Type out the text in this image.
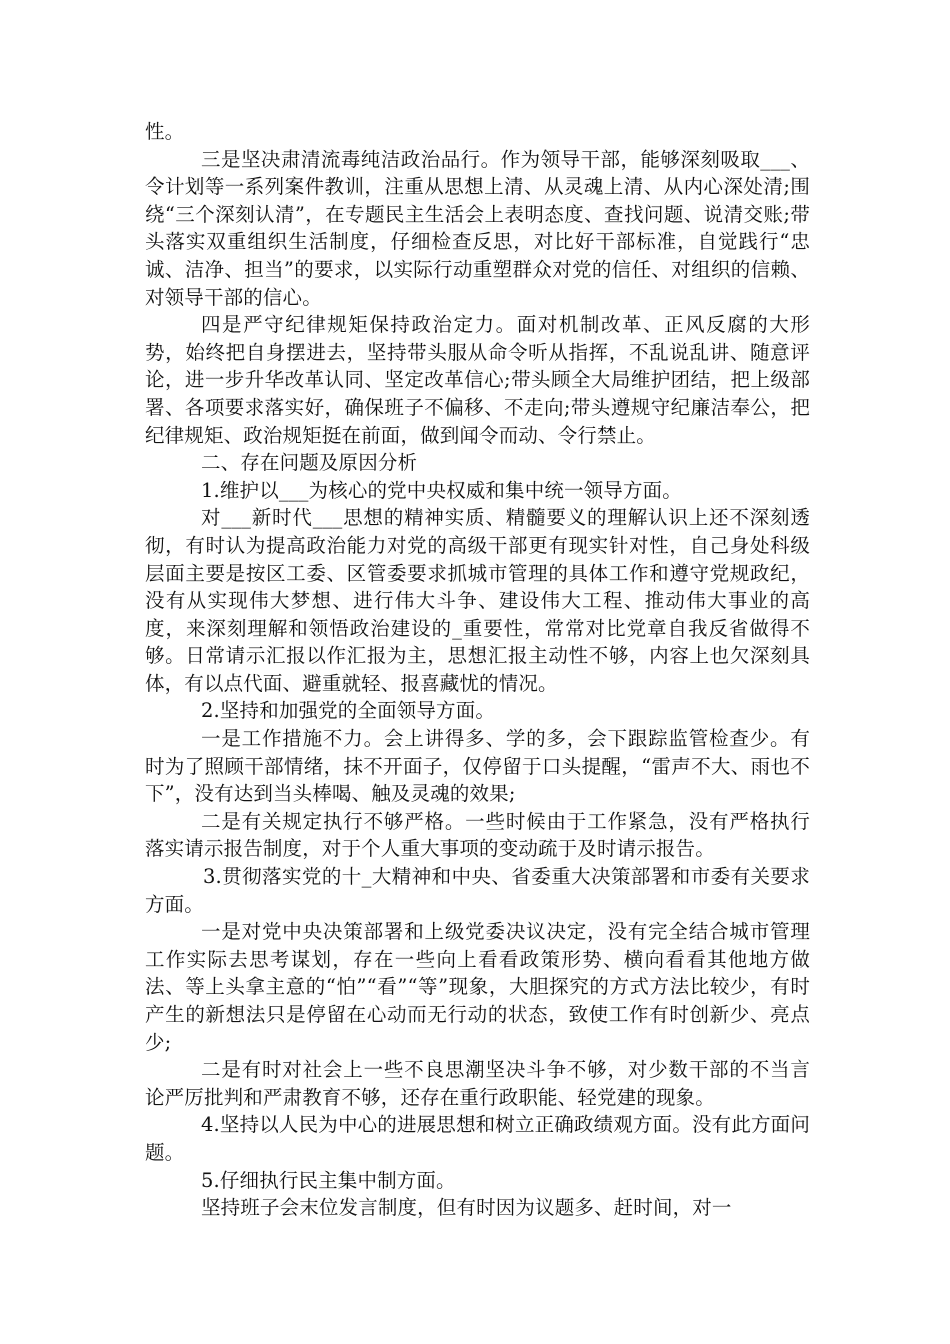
性。

三是坚决肃清流毒纯洁政治品行。作为领导干部，能够深刻吸取___、令计划等一系列案件教训，注重从思想上清、从灵魂上清、从内心深处清;围绕“三个深刻认清”，在专题民主生活会上表明态度、查找问题、说清交账;带头落实双重组织生活制度，仔细检查反思，对比好干部标准，自觉践行“忠诚、洁净、担当”的要求，以实际行动重塑群众对党的信任、对组织的信赖、对领导干部的信心。

四是严守纪律规矩保持政治定力。面对机制改革、正风反腐的大形势，始终把自身摆进去，坚持带头服从命令听从指挥，不乱说乱讲、随意评论，进一步升华改革认同、坚定改革信心;带头顾全大局维护团结，把上级部署、各项要求落实好，确保班子不偏移、不走向;带头遵规守纪廉洁奉公，把纪律规矩、政治规矩挺在前面，做到闻令而动、令行禁止。

二、存在问题及原因分析

1.维护以___为核心的党中央权威和集中统一领导方面。

对___新时代___思想的精神实质、精髓要义的理解认识上还不深刻透彻，有时认为提高政治能力对党的高级干部更有现实针对性，自己身处科级层面主要是按区工委、区管委要求抓城市管理的具体工作和遵守党规政纪，没有从实现伟大梦想、进行伟大斗争、建设伟大工程、推动伟大事业的高度，来深刻理解和领悟政治建设的_重要性，常常对比党章自我反省做得不够。日常请示汇报以作汇报为主，思想汇报主动性不够，内容上也欠深刻具体，有以点代面、避重就轻、报喜藏忧的情况。

2.坚持和加强党的全面领导方面。

一是工作措施不力。会上讲得多、学的多，会下跟踪监管检查少。有时为了照顾干部情绪，抹不开面子，仅停留于口头提醒，“雷声不大、雨也不下”，没有达到当头棒喝、触及灵魂的效果;

二是有关规定执行不够严格。一些时候由于工作紧急，没有严格执行落实请示报告制度，对于个人重大事项的变动疏于及时请示报告。

3.贯彻落实党的十_大精神和中央、省委重大决策部署和市委有关要求方面。

一是对党中央决策部署和上级党委决议决定，没有完全结合城市管理工作实际去思考谋划，存在一些向上看看政策形势、横向看看其他地方做法、等上头拿主意的“怕”“看”“等”现象，大胆探究的方式方法比较少，有时产生的新想法只是停留在心动而无行动的状态，致使工作有时创新少、亮点少;

二是有时对社会上一些不良思潮坚决斗争不够，对少数干部的不当言论严厉批判和严肃教育不够，还存在重行政职能、轻党建的现象。

4.坚持以人民为中心的进展思想和树立正确政绩观方面。没有此方面问题。

5.仔细执行民主集中制方面。

坚持班子会末位发言制度，但有时因为议题多、赶时间，对一
